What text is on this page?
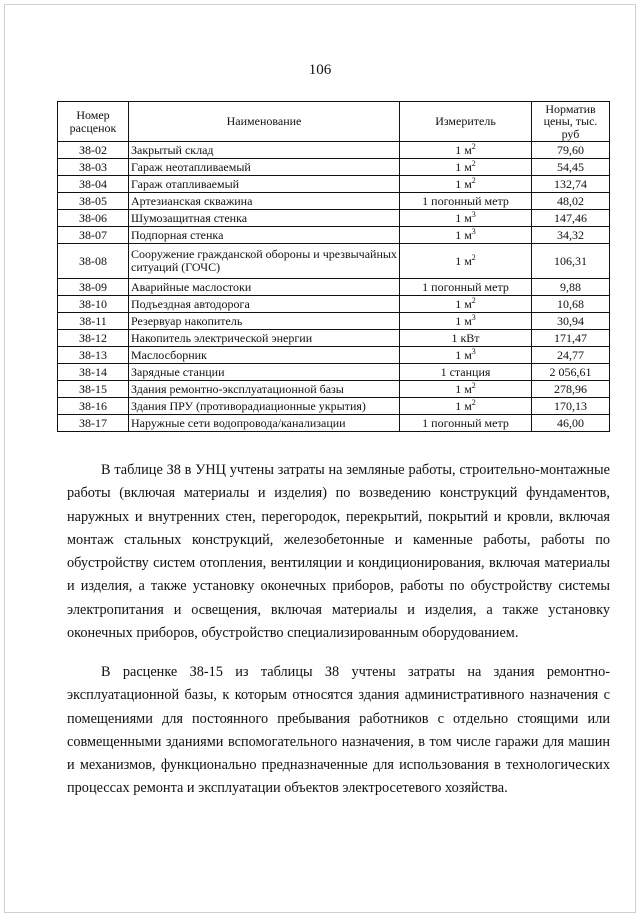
106
Номер расценок	Наименование	Измеритель	Норматив цены, тыс. руб
З8-02	Закрытый склад	1 $м^2$	79,60
З8-03	Гараж неотапливаемый	1 $м^2$	54,45
З8-04	Гараж отапливаемый	1 $м^2$	132,74
З8-05	Артезианская скважина	1 погонный метр	48,02
З8-06	Шумозащитная стенка	1 $м^3$	147,46
З8-07	Подпорная стенка	1 $м^3$	34,32
З8-08	Сооружение гражданской обороны и чрезвычайных ситуаций (ГОЧС)	1 $м^2$	106,31
З8-09	Аварийные маслостоки	1 погонный метр	9,88
З8-10	Подъездная автодорога	1 $м^2$	10,68
З8-11	Резервуар накопитель	1 $м^3$	30,94
З8-12	Накопитель электрической энергии	1 кВт	171,47
З8-13	Маслосборник	1 $м^3$	24,77
З8-14	Зарядные станции	1 станция	2 056,61
З8-15	Здания ремонтно-эксплуатационной базы	1 $м^2$	278,96
З8-16	Здания ПРУ (противорадиационные укрытия)	1 $м^2$	170,13
З8-17	Наружные сети водопровода/канализации	1 погонный метр	46,00

В таблице З8 в УНЦ учтены затраты на земляные работы, строительно-монтажные работы (включая материалы и изделия) по возведению конструкций фундаментов, наружных и внутренних стен, перегородок, перекрытий, покрытий и кровли, включая монтаж стальных конструкций, железобетонные и каменные работы, работы по обустройству систем отопления, вентиляции и кондиционирования, включая материалы и изделия, а также установку оконечных приборов, работы по обустройству системы электропитания и освещения, включая материалы и изделия, а также установку оконечных приборов, обустройство специализированным оборудованием.

В расценке З8-15 из таблицы З8 учтены затраты на здания ремонтно-эксплуатационной базы, к которым относятся здания административного назначения с помещениями для постоянного пребывания работников с отдельно стоящими или совмещенными зданиями вспомогательного назначения, в том числе гаражи для машин и механизмов, функционально предназначенные для использования в технологических процессах ремонта и эксплуатации объектов электросетевого хозяйства.
